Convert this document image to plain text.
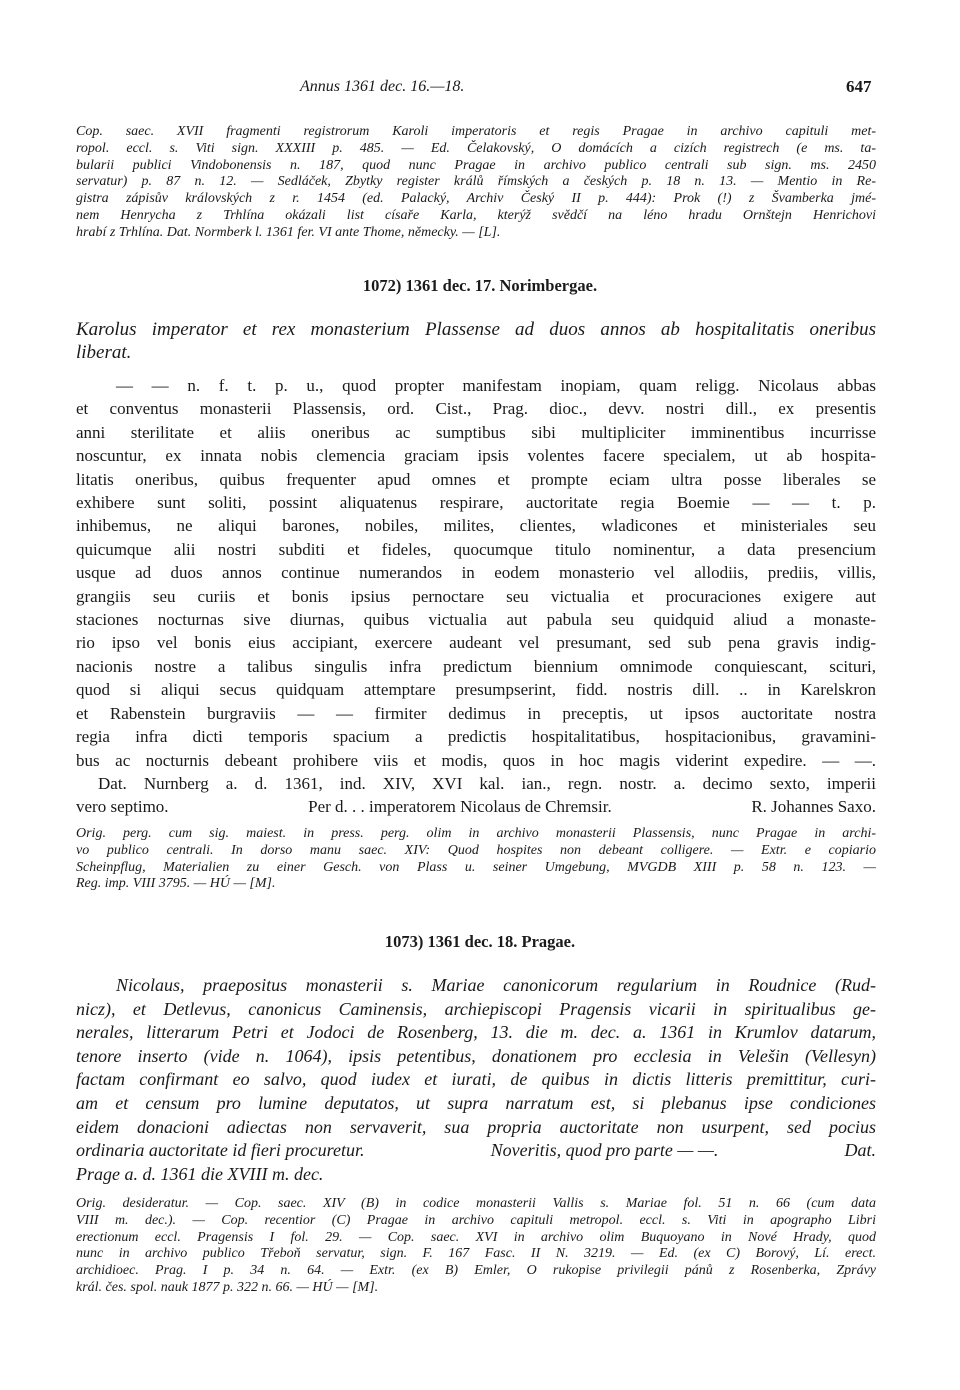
Annus 1361 dec. 16.—18.	647
Cop. saec. XVII fragmenti registrorum Karoli imperatoris et regis Pragae in archivo capituli met-
ropol. eccl. s. Viti sign. XXXIII p. 485. — Ed. Čelakovský, O domácích a cizích registrech (e ms. ta-
bularii publici Vindobonensis n. 187, quod nunc Pragae in archivo publico centrali sub sign. ms. 2450
servatur) p. 87 n. 12. — Sedláček, Zbytky register králů římských a českých p. 18 n. 13. — Mentio in Re-
gistra zápisův královských z r. 1454 (ed. Palacký, Archiv Český II p. 444): Prok (!) z Švamberka jmé-
nem Henrycha z Trhlína okázali list císaře Karla, kterýž svědčí na léno hradu Ornštejn Henrichovi
hrabí z Trhlína. Dat. Normberk l. 1361 fer. VI ante Thome, německy. — [L].
1072) 1361 dec. 17. Norimbergae.
Karolus imperator et rex monasterium Plassense ad duos annos ab hospitalitatis oneribus
liberat.
— — n. f. t. p. u., quod propter manifestam inopiam, quam religg. Nicolaus abbas
et conventus monasterii Plassensis, ord. Cist., Prag. dioc., devv. nostri dill., ex presentis
anni sterilitate et aliis oneribus ac sumptibus sibi multipliciter imminentibus incurrisse
noscuntur, ex innata nobis clemencia graciam ipsis volentes facere specialem, ut ab hospita-
litatis oneribus, quibus frequenter apud omnes et prompte eciam ultra posse liberales se
exhibere sunt soliti, possint aliquatenus respirare, auctoritate regia Boemie — — t. p.
inhibemus, ne aliqui barones, nobiles, milites, clientes, wladicones et ministeriales seu
quicumque alii nostri subditi et fideles, quocumque titulo nominentur, a data presencium
usque ad duos annos continue numerandos in eodem monasterio vel allodiis, prediis, villis,
grangiis seu curiis et bonis ipsius pernoctare seu victualia et procuraciones exigere aut
staciones nocturnas sive diurnas, quibus victualia aut pabula seu quidquid aliud a monaste-
rio ipso vel bonis eius accipiant, exercere audeant vel presumant, sed sub pena gravis indig-
nacionis nostre a talibus singulis infra predictum biennium omnimode conquiescant, scituri,
quod si aliqui secus quidquam attemptare presumpserint, fidd. nostris dill. .. in Karelskron
et Rabenstein burgraviis — — firmiter dedimus in preceptis, ut ipsos auctoritate nostra
regia infra dicti temporis spacium a predictis hospitalitatibus, hospitacionibus, gravamini-
bus ac nocturnis debeant prohibere viis et modis, quos in hoc magis viderint expedire. — —.
Dat. Nurnberg a. d. 1361, ind. XIV, XVI kal. ian., regn. nostr. a. decimo sexto, imperii
vero septimo.	Per d. . . imperatorem Nicolaus de Chremsir.	R. Johannes Saxo.
Orig. perg. cum sig. maiest. in press. perg. olim in archivo monasterii Plassensis, nunc Pragae in archi-
vo publico centrali. In dorso manu saec. XIV: Quod hospites non debeant colligere. — Extr. e copiario
Scheinpflug, Materialien zu einer Gesch. von Plass u. seiner Umgebung, MVGDB XIII p. 58 n. 123. —
Reg. imp. VIII 3795. — HÚ — [M].
1073) 1361 dec. 18. Pragae.
Nicolaus, praepositus monasterii s. Mariae canonicorum regularium in Roudnice (Rud-
nicz), et Detlevus, canonicus Caminensis, archiepiscopi Pragensis vicarii in spiritualibus ge-
nerales, litterarum Petri et Jodoci de Rosenberg, 13. die m. dec. a. 1361 in Krumlov datarum,
tenore inserto (vide n. 1064), ipsis petentibus, donationem pro ecclesia in Velešin (Vellesyn)
factam confirmant eo salvo, quod iudex et iurati, de quibus in dictis litteris premittitur, curi-
am et censum pro lumine deputatos, ut supra narratum est, si plebanus ipse condiciones
eidem donacioni adiectas non servaverit, sua propria auctoritate non usurpent, sed pocius
ordinaria auctoritate id fieri procuretur.	Noveritis, quod pro parte — —.	Dat.
Prage a. d. 1361 die XVIII m. dec.
Orig. desideratur. — Cop. saec. XIV (B) in codice monasterii Vallis s. Mariae fol. 51 n. 66 (cum data
VIII m. dec.). — Cop. recentior (C) Pragae in archivo capituli metropol. eccl. s. Viti in apographo Libri
erectionum eccl. Pragensis I fol. 29. — Cop. saec. XVI in archivo olim Buquoyano in Nové Hrady, quod
nunc in archivo publico Třeboň servatur, sign. F. 167 Fasc. II N. 3219. — Ed. (ex C) Borový, Lí. erect.
archidioec. Prag. I p. 34 n. 64. — Extr. (ex B) Emler, O rukopise privilegii pánů z Rosenberka, Zprávy
král. čes. spol. nauk 1877 p. 322 n. 66. — HÚ — [M].
